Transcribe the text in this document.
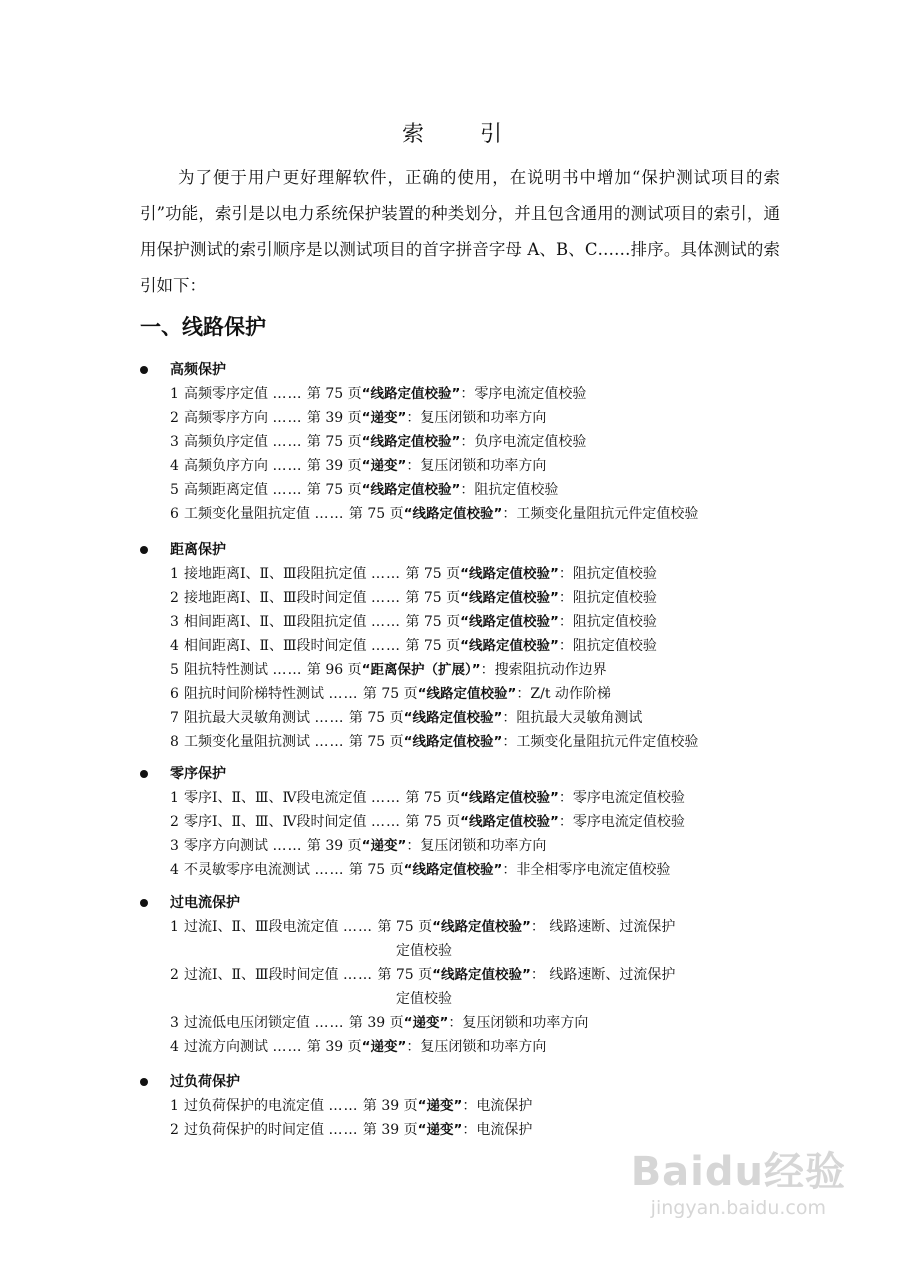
索引

为了便于用户更好理解软件，正确的使用，在说明书中增加“保护测试项目的索引”功能，索引是以电力系统保护装置的种类划分，并且包含通用的测试项目的索引，通用保护测试的索引顺序是以测试项目的首字拼音字母 A、B、C……排序。具体测试的索引如下：

一、线路保护
高频保护
1 高频零序定值 …… 第 75 页“线路定值校验”：零序电流定值校验
2 高频零序方向 …… 第 39 页“递变”：复压闭锁和功率方向
3 高频负序定值 …… 第 75 页“线路定值校验”：负序电流定值校验
4 高频负序方向 …… 第 39 页“递变”：复压闭锁和功率方向
5 高频距离定值 …… 第 75 页“线路定值校验”：阻抗定值校验
6 工频变化量阻抗定值 …… 第 75 页“线路定值校验”：工频变化量阻抗元件定值校验
距离保护
1 接地距离Ⅰ、Ⅱ、Ⅲ段阻抗定值 …… 第 75 页“线路定值校验”：阻抗定值校验
2 接地距离Ⅰ、Ⅱ、Ⅲ段时间定值 …… 第 75 页“线路定值校验”：阻抗定值校验
3 相间距离Ⅰ、Ⅱ、Ⅲ段阻抗定值 …… 第 75 页“线路定值校验”：阻抗定值校验
4 相间距离Ⅰ、Ⅱ、Ⅲ段时间定值 …… 第 75 页“线路定值校验”：阻抗定值校验
5 阻抗特性测试 …… 第 96 页“距离保护（扩展）”：搜索阻抗动作边界
6 阻抗时间阶梯特性测试 …… 第 75 页“线路定值校验”：Z/t 动作阶梯
7 阻抗最大灵敏角测试 …… 第 75 页“线路定值校验”：阻抗最大灵敏角测试
8 工频变化量阻抗测试 …… 第 75 页“线路定值校验”：工频变化量阻抗元件定值校验
零序保护
1 零序Ⅰ、Ⅱ、Ⅲ、Ⅳ段电流定值 …… 第 75 页“线路定值校验”：零序电流定值校验
2 零序Ⅰ、Ⅱ、Ⅲ、Ⅳ段时间定值 …… 第 75 页“线路定值校验”：零序电流定值校验
3 零序方向测试 …… 第 39 页“递变”：复压闭锁和功率方向
4 不灵敏零序电流测试 …… 第 75 页“线路定值校验”：非全相零序电流定值校验
过电流保护
1 过流Ⅰ、Ⅱ、Ⅲ段电流定值 …… 第 75 页“线路定值校验”： 线路速断、过流保护
定值校验
2 过流Ⅰ、Ⅱ、Ⅲ段时间定值 …… 第 75 页“线路定值校验”： 线路速断、过流保护
定值校验
3 过流低电压闭锁定值 …… 第 39 页“递变”：复压闭锁和功率方向
4 过流方向测试 …… 第 39 页“递变”：复压闭锁和功率方向
过负荷保护
1 过负荷保护的电流定值 …… 第 39 页“递变”：电流保护
2 过负荷保护的时间定值 …… 第 39 页“递变”：电流保护
Baidu经验
jingyan.baidu.com
